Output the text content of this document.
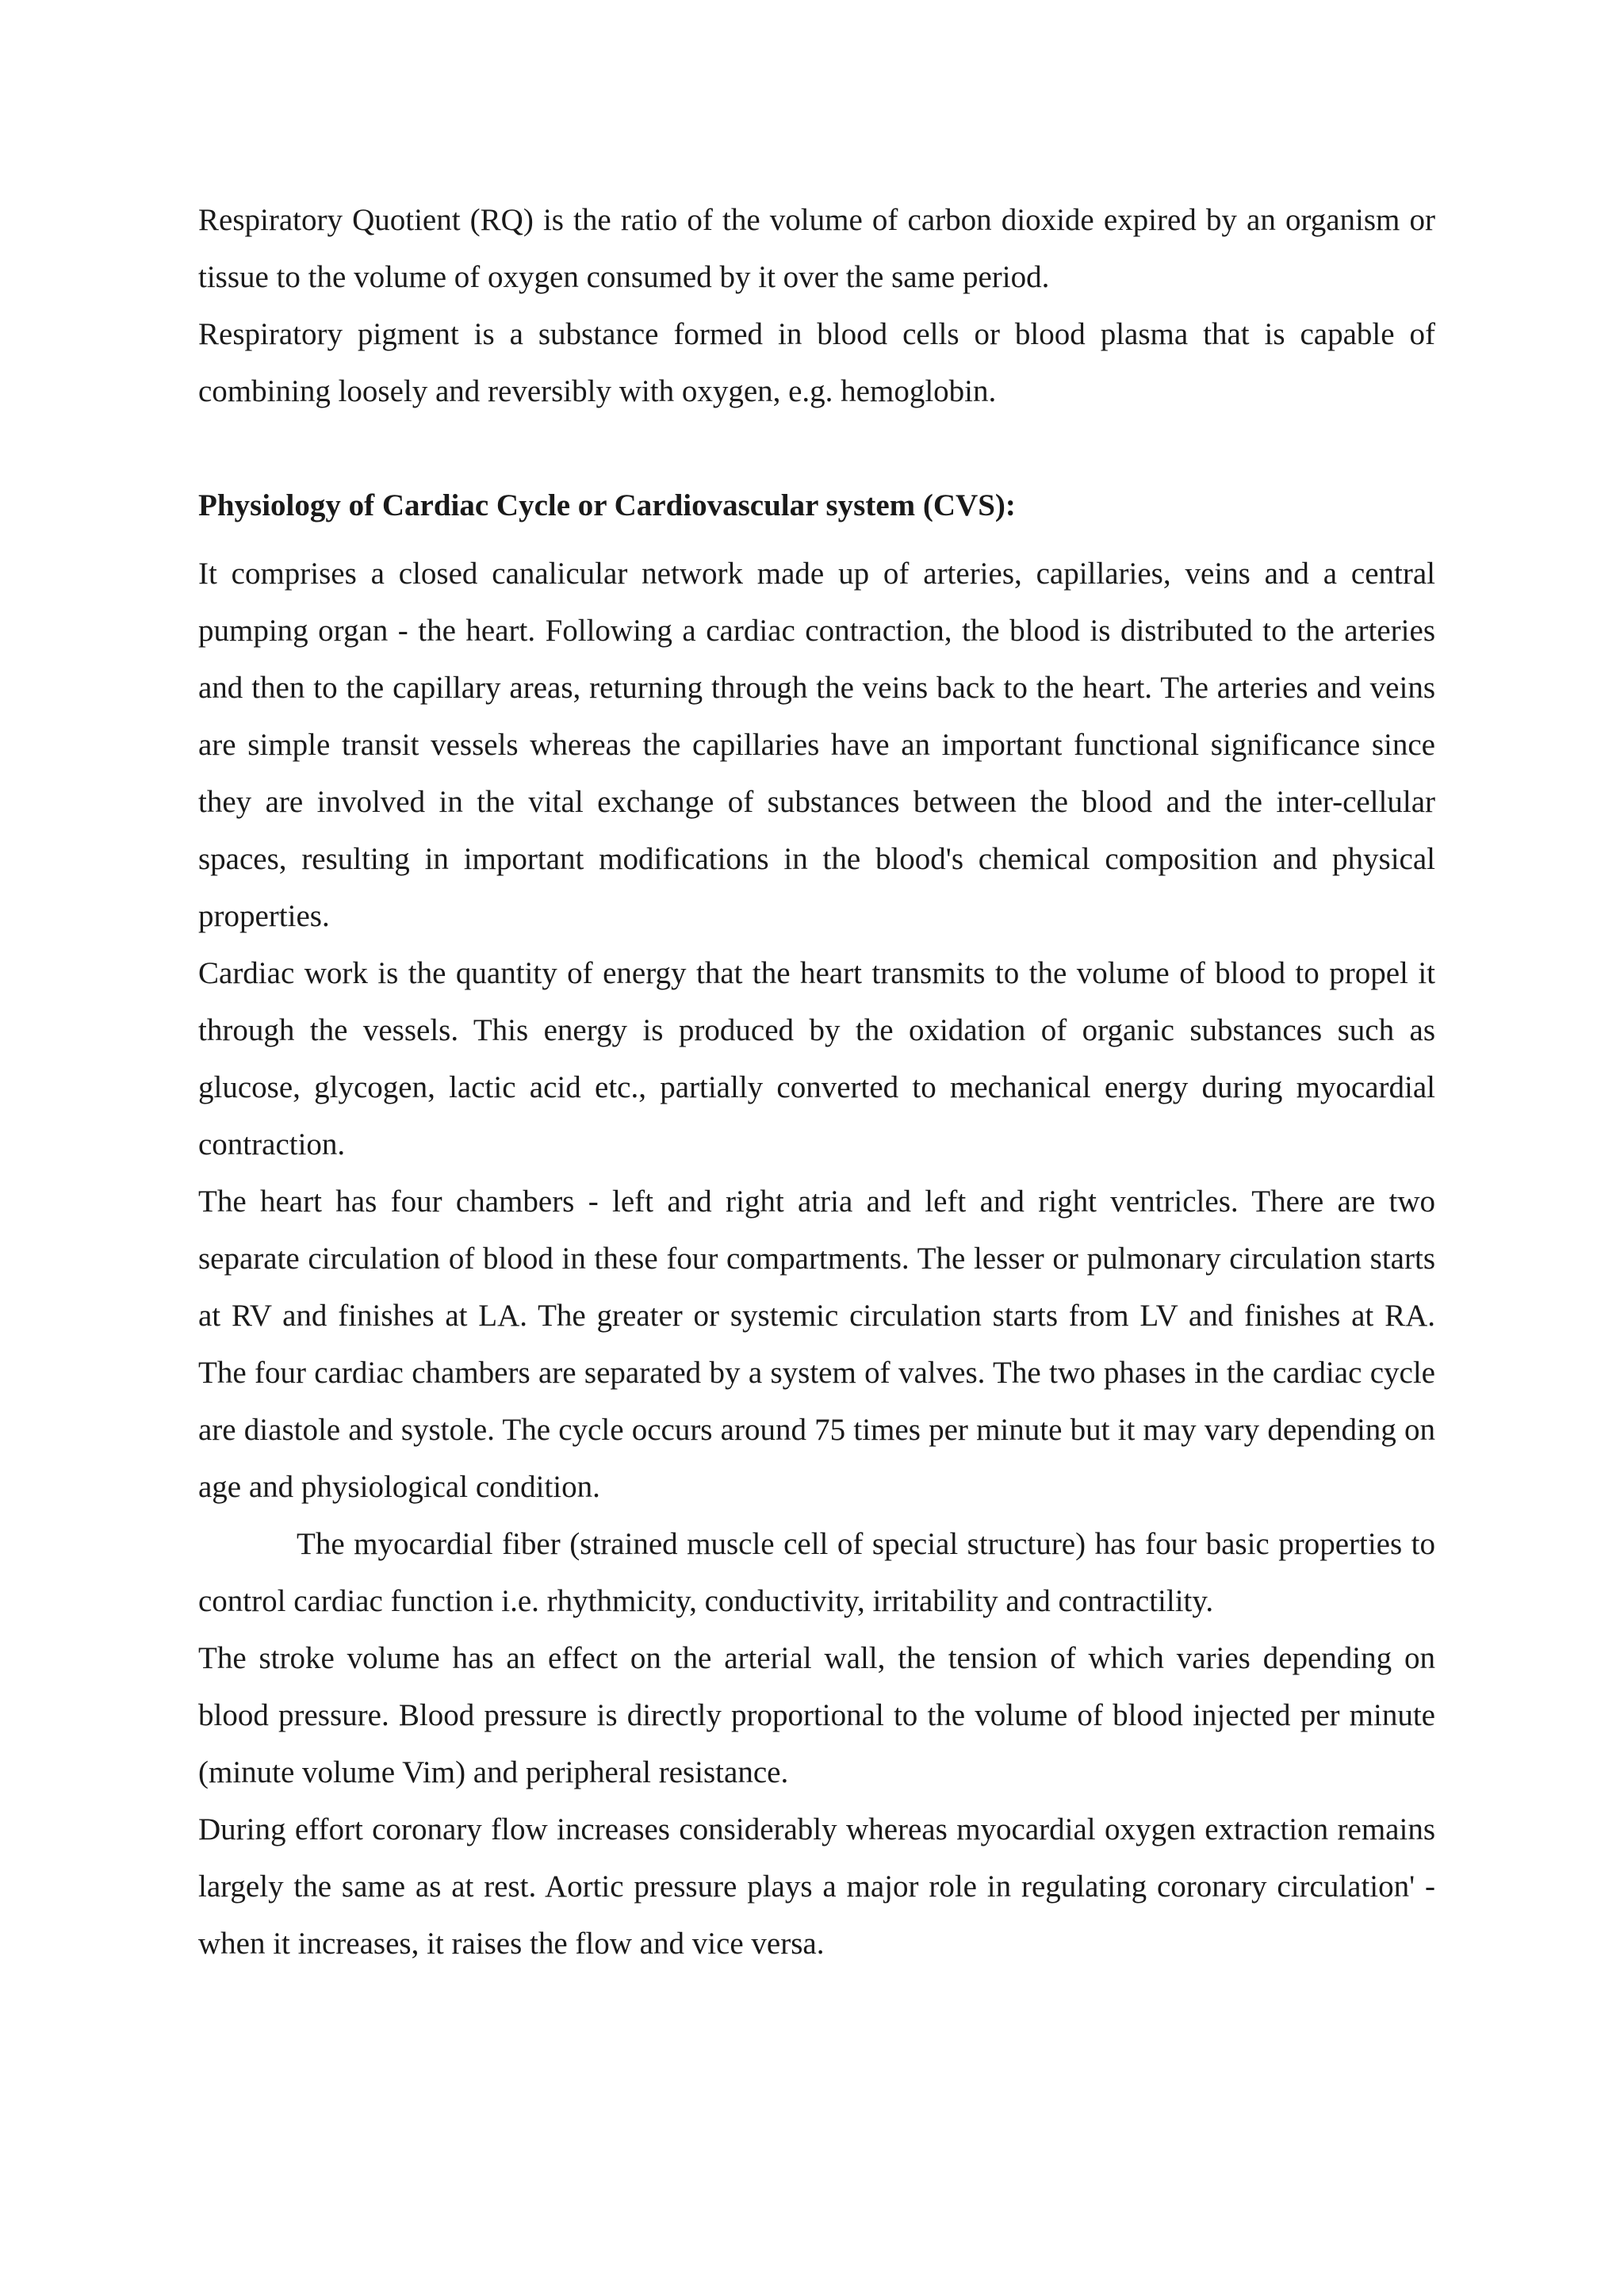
Respiratory Quotient (RQ) is the ratio of the volume of carbon dioxide expired by an organism or tissue to the volume of oxygen consumed by it over the same period.

Respiratory pigment is a substance formed in blood cells or blood plasma that is capable of combining loosely and reversibly with oxygen, e.g. hemoglobin.

Physiology of Cardiac Cycle or Cardiovascular system (CVS):

It comprises a closed canalicular network made up of arteries, capillaries, veins and a central pumping organ - the heart. Following a cardiac contraction, the blood is distributed to the arteries and then to the capillary areas, returning through the veins back to the heart. The arteries and veins are simple transit vessels whereas the capillaries have an important functional significance since they are involved in the vital exchange of substances between the blood and the inter-cellular spaces, resulting in important modifications in the blood's chemical composition and physical properties.

Cardiac work is the quantity of energy that the heart transmits to the volume of blood to propel it through the vessels. This energy is produced by the oxidation of organic substances such as glucose, glycogen, lactic acid etc., partially converted to mechanical energy during myocardial contraction.

The heart has four chambers - left and right atria and left and right ventricles. There are two separate circulation of blood in these four compartments. The lesser or pulmonary circulation starts at RV and finishes at LA. The greater or systemic circulation starts from LV and finishes at RA. The four cardiac chambers are separated by a system of valves. The two phases in the cardiac cycle are diastole and systole. The cycle occurs around 75 times per minute but it may vary depending on age and physiological condition.

The myocardial fiber (strained muscle cell of special structure) has four basic properties to control cardiac function i.e. rhythmicity, conductivity, irritability and contractility.

The stroke volume has an effect on the arterial wall, the tension of which varies depending on blood pressure. Blood pressure is directly proportional to the volume of blood injected per minute (minute volume Vim) and peripheral resistance.

During effort coronary flow increases considerably whereas myocardial oxygen extraction remains largely the same as at rest. Aortic pressure plays a major role in regulating coronary circulation' - when it increases, it raises the flow and vice versa.
